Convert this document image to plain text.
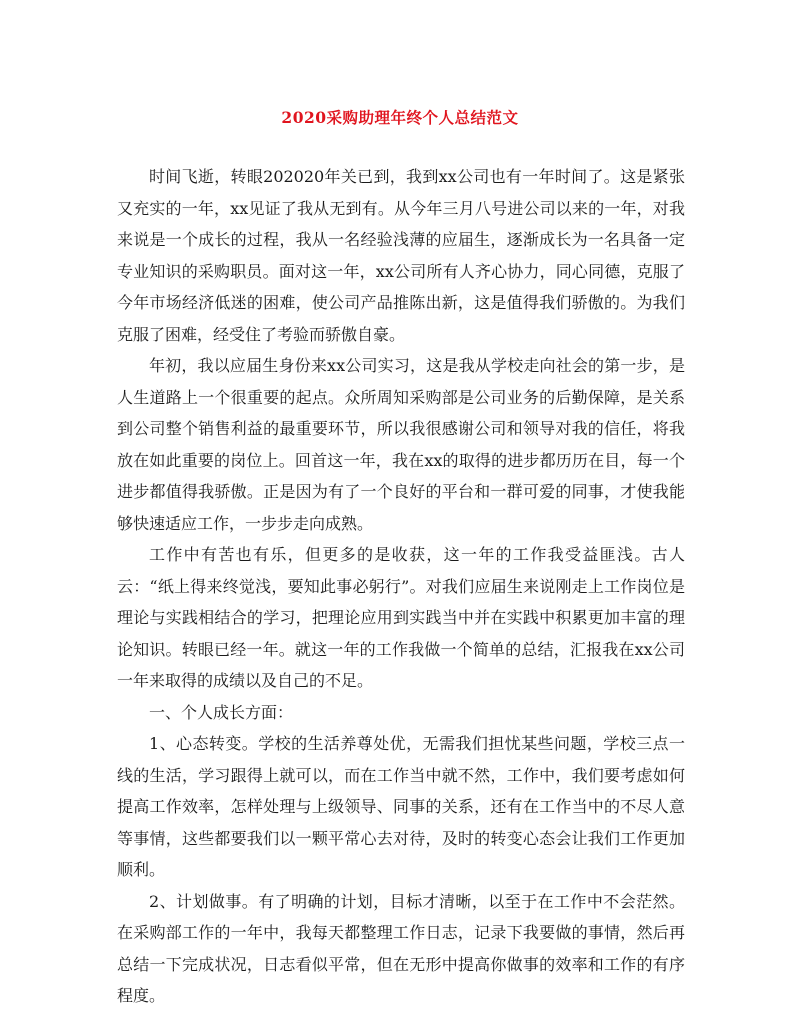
2020采购助理年终个人总结范文

时间飞逝，转眼202020年关已到，我到xx公司也有一年时间了。这是紧张又充实的一年，xx见证了我从无到有。从今年三月八号进公司以来的一年，对我来说是一个成长的过程，我从一名经验浅薄的应届生，逐渐成长为一名具备一定专业知识的采购职员。面对这一年，xx公司所有人齐心协力，同心同德，克服了今年市场经济低迷的困难，使公司产品推陈出新，这是值得我们骄傲的。为我们克服了困难，经受住了考验而骄傲自豪。

年初，我以应届生身份来xx公司实习，这是我从学校走向社会的第一步，是人生道路上一个很重要的起点。众所周知采购部是公司业务的后勤保障，是关系到公司整个销售利益的最重要环节，所以我很感谢公司和领导对我的信任，将我放在如此重要的岗位上。回首这一年，我在xx的取得的进步都历历在目，每一个进步都值得我骄傲。正是因为有了一个良好的平台和一群可爱的同事，才使我能够快速适应工作，一步步走向成熟。

工作中有苦也有乐，但更多的是收获，这一年的工作我受益匪浅。古人云：“纸上得来终觉浅，要知此事必躬行”。对我们应届生来说刚走上工作岗位是理论与实践相结合的学习，把理论应用到实践当中并在实践中积累更加丰富的理论知识。转眼已经一年。就这一年的工作我做一个简单的总结，汇报我在xx公司一年来取得的成绩以及自己的不足。

一、个人成长方面：

1、心态转变。学校的生活养尊处优，无需我们担忧某些问题，学校三点一线的生活，学习跟得上就可以，而在工作当中就不然，工作中，我们要考虑如何提高工作效率，怎样处理与上级领导、同事的关系，还有在工作当中的不尽人意等事情，这些都要我们以一颗平常心去对待，及时的转变心态会让我们工作更加顺利。

2、计划做事。有了明确的计划，目标才清晰，以至于在工作中不会茫然。在采购部工作的一年中，我每天都整理工作日志，记录下我要做的事情，然后再总结一下完成状况，日志看似平常，但在无形中提高你做事的效率和工作的有序程度。
